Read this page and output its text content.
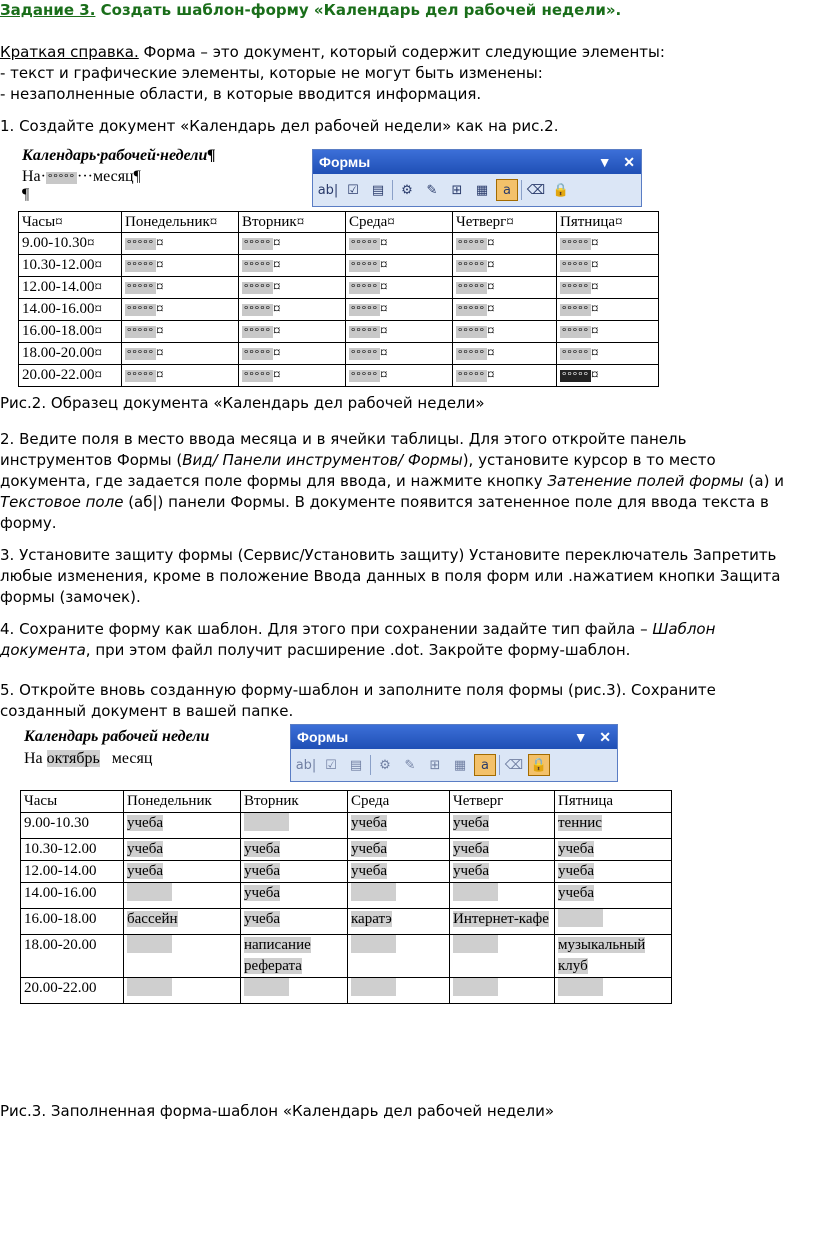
Задание 3. Создать шаблон-форму «Календарь дел рабочей недели».

Краткая справка. Форма – это документ, который содержит следующие элементы:

- текст и графические элементы, которые не могут быть изменены:

- незаполненные области, в которые вводится информация.

1. Создайте документ «Календарь дел рабочей недели» как на рис.2.

Календарь·рабочей·недели¶
На· °°°°° ···месяц¶
¶
Формы	▼ ✕
ab| ☑	▤	⚙	✎	⊞	▦	a	⌫ 🔒
Часы¤	Понедельник¤	Вторник¤	Среда¤	Четверг¤	Пятница¤
9.00-10.30¤	°°°°° ¤	°°°°° ¤	°°°°° ¤	°°°°° ¤	°°°°° ¤
10.30-12.00¤	°°°°° ¤	°°°°° ¤	°°°°° ¤	°°°°° ¤	°°°°° ¤
12.00-14.00¤	°°°°° ¤	°°°°° ¤	°°°°° ¤	°°°°° ¤	°°°°° ¤
14.00-16.00¤	°°°°° ¤	°°°°° ¤	°°°°° ¤	°°°°° ¤	°°°°° ¤
16.00-18.00¤	°°°°° ¤	°°°°° ¤	°°°°° ¤	°°°°° ¤	°°°°° ¤
18.00-20.00¤	°°°°° ¤	°°°°° ¤	°°°°° ¤	°°°°° ¤	°°°°° ¤
20.00-22.00¤	°°°°° ¤	°°°°° ¤	°°°°° ¤	°°°°° ¤	°°°°° ¤

Рис.2. Образец документа «Календарь дел рабочей недели»

2. Ведите поля в место ввода месяца и в ячейки таблицы. Для этого откройте панель

инструментов Формы (Вид/ Панели инструментов/ Формы), установите курсор в то место

документа, где задается поле формы для ввода, и нажмите кнопку Затенение полей формы (a) и

Текстовое поле (аб|) панели Формы. В документе появится затененное поле для ввода текста в

форму.

3. Установите защиту формы (Сервис/Установить защиту) Установите переключатель Запретить

любые изменения, кроме в положение Ввода данных в поля форм или .нажатием кнопки Защита

формы (замочек).

4. Сохраните форму как шаблон. Для этого при сохранении задайте тип файла – Шаблон

документа, при этом файл получит расширение .dot. Закройте форму-шаблон.

5. Откройте вновь созданную форму-шаблон и заполните поля формы (рис.3). Сохраните

созданный документ в вашей папке.

Календарь рабочей недели
На октябрь   месяц
Формы	▼ ✕
ab| ☑	▤	⚙	✎	⊞	▦	a	⌫ 🔒
Часы	Понедельник	Вторник	Среда	Четверг	Пятница
9.00-10.30	учеба		учеба	учеба	теннис
10.30-12.00	учеба	учеба	учеба	учеба	учеба
12.00-14.00	учеба	учеба	учеба	учеба	учеба
14.00-16.00		учеба			учеба
16.00-18.00	бассейн	учеба	каратэ	Интернет-кафе	
18.00-20.00		написание реферата			музыкальный клуб
20.00-22.00					

Рис.3. Заполненная форма-шаблон «Календарь дел рабочей недели»
